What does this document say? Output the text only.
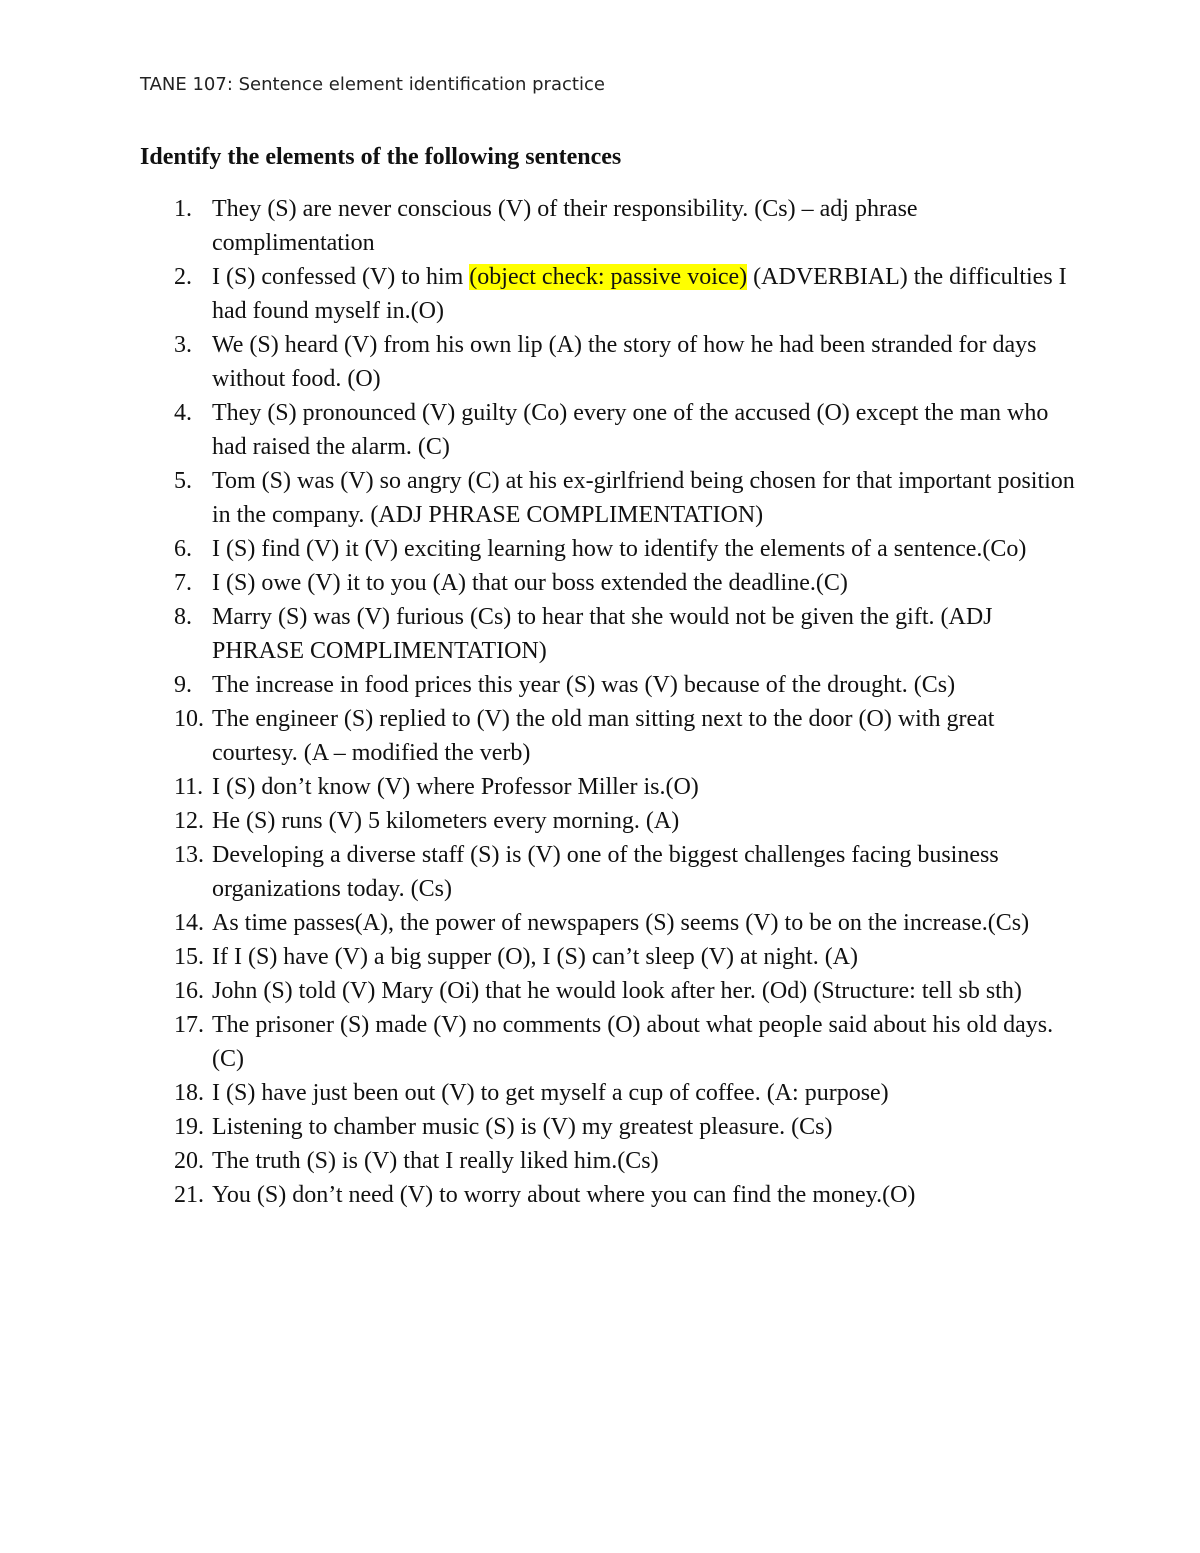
TANE 107: Sentence element identification practice
Identify the elements of the following sentences
1. They (S) are never conscious (V) of their responsibility. (Cs) – adj phrase complimentation
2. I (S) confessed (V) to him (object check: passive voice) (ADVERBIAL) the difficulties I had found myself in.(O)
3. We (S) heard (V) from his own lip (A) the story of how he had been stranded for days without food. (O)
4. They (S) pronounced (V) guilty (Co) every one of the accused (O) except the man who had raised the alarm. (C)
5. Tom (S) was (V) so angry (C) at his ex-girlfriend being chosen for that important position in the company. (ADJ PHRASE COMPLIMENTATION)
6. I (S) find (V) it (V) exciting learning how to identify the elements of a sentence.(Co)
7. I (S) owe (V) it to you (A) that our boss extended the deadline.(C)
8. Marry (S) was (V) furious (Cs) to hear that she would not be given the gift. (ADJ PHRASE COMPLIMENTATION)
9. The increase in food prices this year (S) was (V) because of the drought. (Cs)
10. The engineer (S) replied to (V) the old man sitting next to the door (O) with great courtesy. (A – modified the verb)
11. I (S) don’t know (V) where Professor Miller is.(O)
12. He (S) runs (V) 5 kilometers every morning. (A)
13. Developing a diverse staff (S) is (V) one of the biggest challenges facing business organizations today. (Cs)
14. As time passes(A), the power of newspapers (S) seems (V) to be on the increase.(Cs)
15. If I (S) have (V) a big supper (O), I (S) can’t sleep (V) at night. (A)
16. John (S) told (V) Mary (Oi) that he would look after her. (Od) (Structure: tell sb sth)
17. The prisoner (S) made (V) no comments (O) about what people said about his old days. (C)
18. I (S) have just been out (V) to get myself a cup of coffee. (A: purpose)
19. Listening to chamber music (S) is (V) my greatest pleasure. (Cs)
20. The truth (S) is (V) that I really liked him.(Cs)
21. You (S) don’t need (V) to worry about where you can find the money.(O)
